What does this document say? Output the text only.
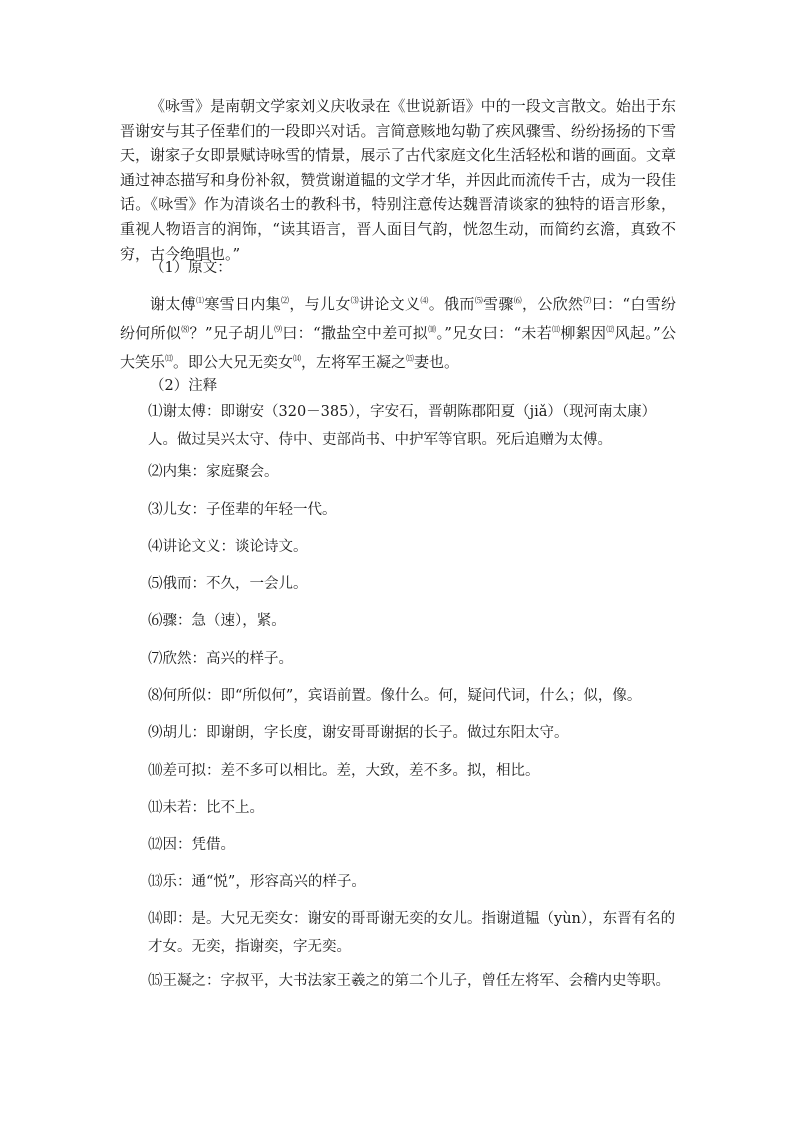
《咏雪》是南朝文学家刘义庆收录在《世说新语》中的一段文言散文。始出于东晋谢安与其子侄辈们的一段即兴对话。言简意赅地勾勒了疾风骤雪、纷纷扬扬的下雪天，谢家子女即景赋诗咏雪的情景，展示了古代家庭文化生活轻松和谐的画面。文章通过神态描写和身份补叙，赞赏谢道韫的文学才华，并因此而流传千古，成为一段佳话。《咏雪》作为清谈名士的教科书，特别注意传达魏晋清谈家的独特的语言形象，重视人物语言的润饰，“读其语言，晋人面目气韵，恍忽生动，而简约玄澹，真致不穷，古今绝唱也。”

（1）原文：

谢太傅⑴寒雪日内集⑵，与儿女⑶讲论文义⑷。俄而⑸雪骤⑹，公欣然⑺曰：“白雪纷纷何所似⑻？”兄子胡儿⑼曰：“撒盐空中差可拟⑽。”兄女曰：“未若⑾柳絮因⑿风起。”公大笑乐⒀。即公大兄无奕女⒁，左将军王凝之⒂妻也。

（2）注释

⑴谢太傅：即谢安（320－385），字安石，晋朝陈郡阳夏（jiǎ）（现河南太康）人。做过吴兴太守、侍中、吏部尚书、中护军等官职。死后追赠为太傅。

⑵内集：家庭聚会。

⑶儿女：子侄辈的年轻一代。

⑷讲论文义：谈论诗文。

⑸俄而：不久，一会儿。

⑹骤：急（速），紧。

⑺欣然：高兴的样子。

⑻何所似：即“所似何”，宾语前置。像什么。何，疑问代词，什么；似，像。

⑼胡儿：即谢朗，字长度，谢安哥哥谢据的长子。做过东阳太守。

⑽差可拟：差不多可以相比。差，大致，差不多。拟，相比。

⑾未若：比不上。

⑿因：凭借。

⒀乐：通“悦”，形容高兴的样子。

⒁即：是。大兄无奕女：谢安的哥哥谢无奕的女儿。指谢道韫（yùn），东晋有名的才女。无奕，指谢奕，字无奕。

⒂王凝之：字叔平，大书法家王羲之的第二个儿子，曾任左将军、会稽内史等职。
